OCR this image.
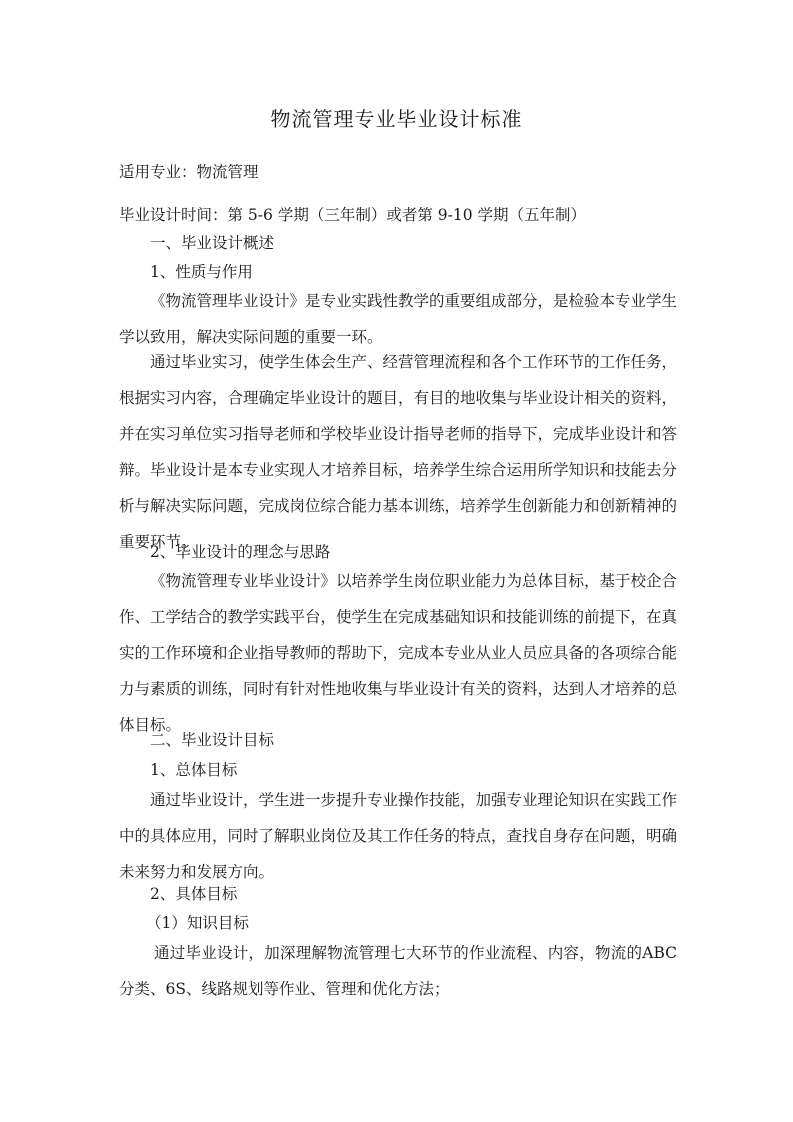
物流管理专业毕业设计标准
适用专业：物流管理
毕业设计时间：第 5-6 学期（三年制）或者第 9-10 学期（五年制）
一、毕业设计概述
1、性质与作用
《物流管理毕业设计》是专业实践性教学的重要组成部分，是检验本专业学生学以致用，解决实际问题的重要一环。
通过毕业实习，使学生体会生产、经营管理流程和各个工作环节的工作任务，根据实习内容，合理确定毕业设计的题目，有目的地收集与毕业设计相关的资料，并在实习单位实习指导老师和学校毕业设计指导老师的指导下，完成毕业设计和答辩。毕业设计是本专业实现人才培养目标，培养学生综合运用所学知识和技能去分析与解决实际问题，完成岗位综合能力基本训练，培养学生创新能力和创新精神的重要环节。
2、毕业设计的理念与思路
《物流管理专业毕业设计》以培养学生岗位职业能力为总体目标，基于校企合作、工学结合的教学实践平台，使学生在完成基础知识和技能训练的前提下，在真实的工作环境和企业指导教师的帮助下，完成本专业从业人员应具备的各项综合能力与素质的训练，同时有针对性地收集与毕业设计有关的资料，达到人才培养的总体目标。
二、毕业设计目标
1、总体目标
通过毕业设计，学生进一步提升专业操作技能，加强专业理论知识在实践工作中的具体应用，同时了解职业岗位及其工作任务的特点，查找自身存在问题，明确未来努力和发展方向。
2、具体目标
（1）知识目标
通过毕业设计，加深理解物流管理七大环节的作业流程、内容，物流的ABC 分类、6S、线路规划等作业、管理和优化方法；
